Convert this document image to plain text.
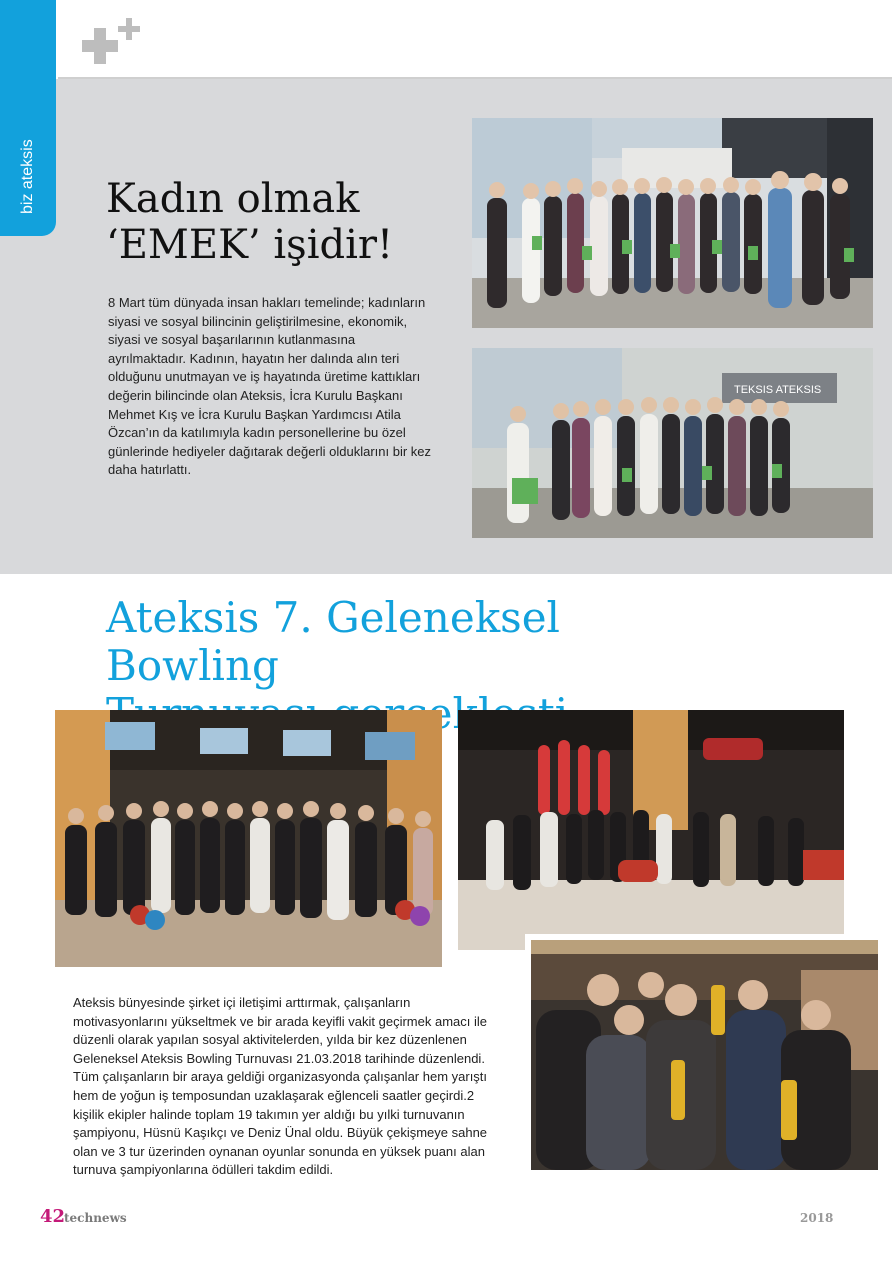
biz ateksis Kadın olmak
‘EMEK’ işidir!

8 Mart tüm dünyada insan hakları temelinde; kadınların siyasi ve sosyal bilincinin geliştirilmesine, ekonomik, siyasi ve sosyal başarılarının kutlanmasına ayrılmaktadır. Kadının, hayatın her dalında alın teri olduğunu unutmayan ve iş hayatında üretime kattıkları değerin bilincinde olan Ateksis, İcra Kurulu Başkanı Mehmet Kış ve İcra Kurulu Başkan Yardımcısı Atila Özcan’ın da katılımıyla kadın personellerine bu özel günlerinde hediyeler dağıtarak değerli olduklarını bir kez daha hatırlattı.

TEKSIS ATEKSIS
Ateksis 7. Geleneksel Bowling
gerçekleşti

Ateksis bünyesinde şirket içi iletişimi arttırmak, çalışanların motivasyonlarını yükseltmek ve bir arada keyifli vakit geçirmek amacı ile düzenli olarak yapılan sosyal aktivitelerden, yılda bir kez düzenlenen Geleneksel Ateksis Bowling Turnuvası 21.03.2018 tarihinde düzenlendi. Tüm çalışanların bir araya geldiği organizasyonda çalışanlar hem yarıştı hem de yoğun iş temposundan uzaklaşarak eğlenceli saatler geçirdi.2 kişilik ekipler halinde toplam 19 takımın yer aldığı bu yılki turnuvanın şampiyonu, Hüsnü Kaşıkçı ve Deniz Ünal oldu. Büyük çekişmeye sahne olan ve 3 tur üzerinden oynanan oyunlar sonunda en yüksek puanı alan turnuva şampiyonlarına ödülleri takdim edildi.

42
technews	2018
